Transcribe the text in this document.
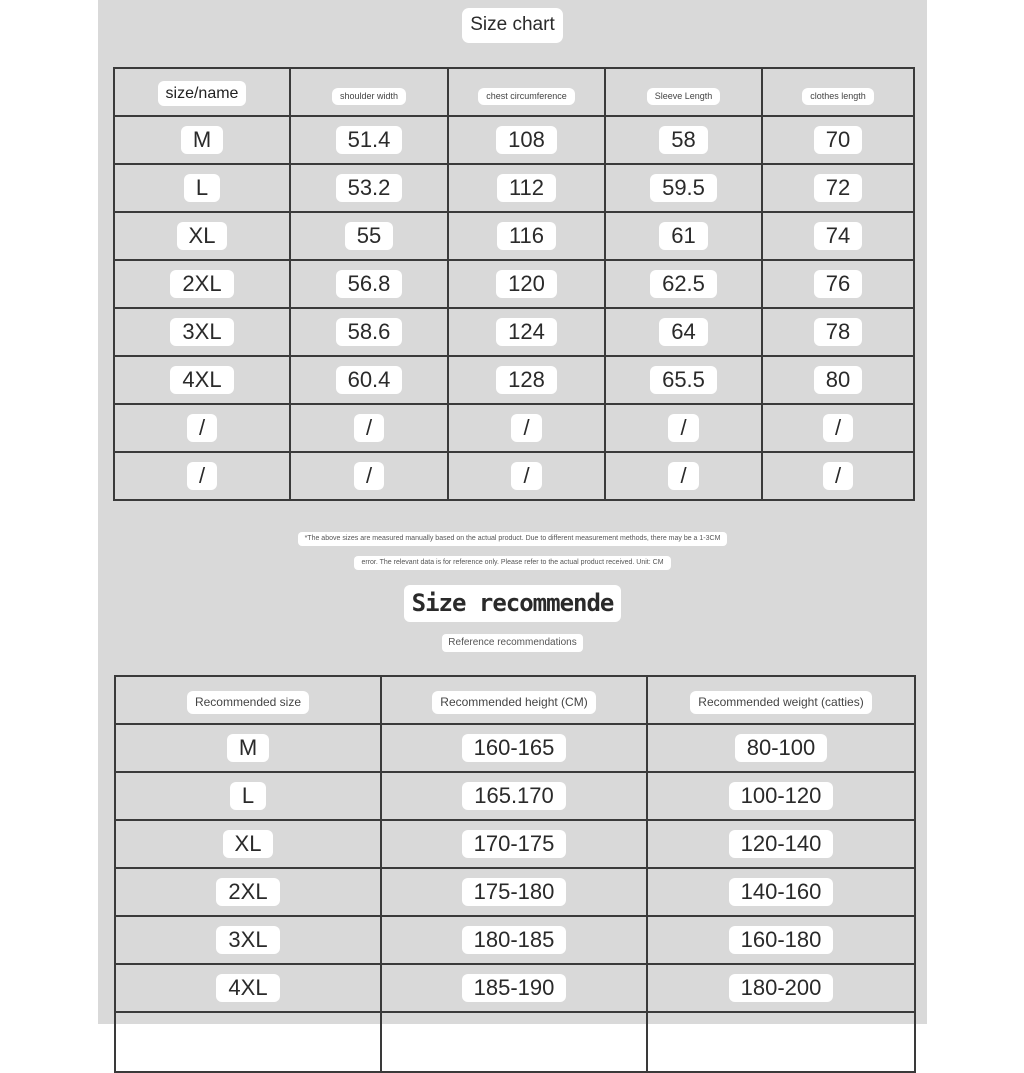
Size chart
size/name	shoulder width	chest circumference	Sleeve Length	clothes length
M	51.4	108	58	70
L	53.2	112	59.5	72
XL	55	116	61	74
2XL	56.8	120	62.5	76
3XL	58.6	124	64	78
4XL	60.4	128	65.5	80
/	/	/	/	/
/	/	/	/	/
*The above sizes are measured manually based on the actual product. Due to different measurement methods, there may be a 1-3CM
error. The relevant data is for reference only. Please refer to the actual product received. Unit: CM
Size recommende
Reference recommendations
Recommended size	Recommended height (CM)	Recommended weight (catties)
M	160-165	80-100
L	165.170	100-120
XL	170-175	120-140
2XL	175-180	140-160
3XL	180-185	160-180
4XL	185-190	180-200
